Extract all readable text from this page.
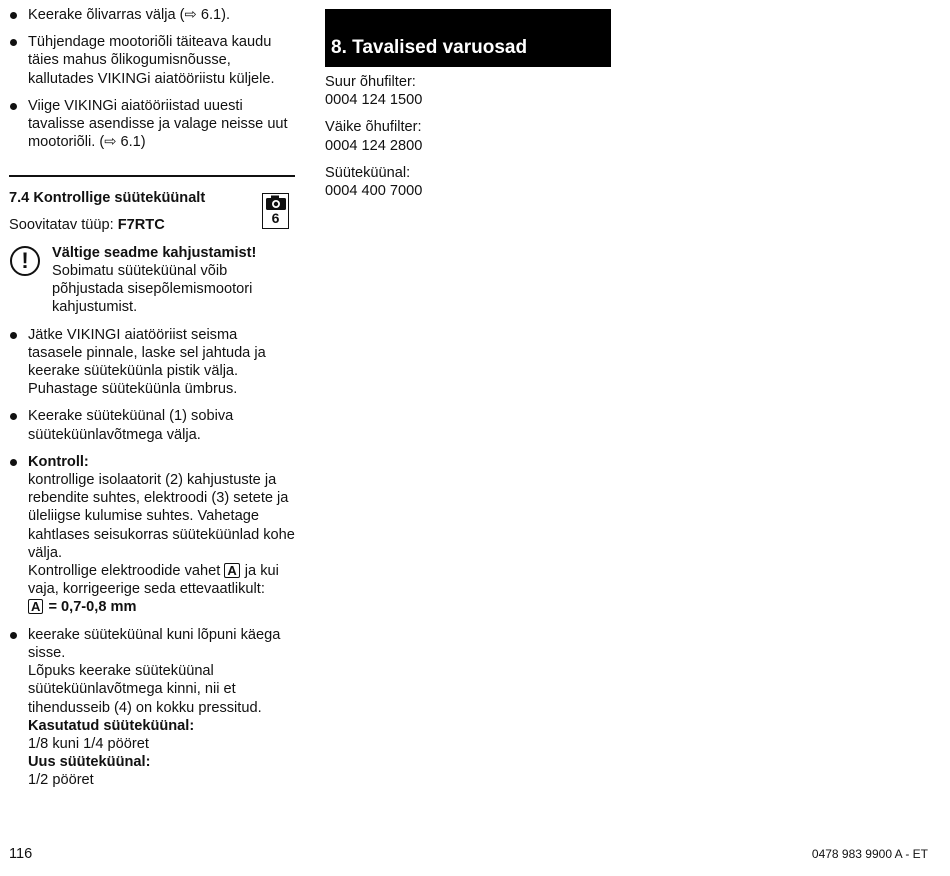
Keerake õlivarras välja (⇨ 6.1).
Tühjendage mootoriõli täiteava kaudu täies mahus õlikogumisnõusse, kallutades VIKINGi aiatööriistu küljele.
Viige VIKINGi aiatööriistad uuesti tavalisse asendisse ja valage neisse uut mootoriõli. (⇨ 6.1)
7.4 Kontrollige süüteküünalt
Soovitatav tüüp: F7RTC
!	Vältige seadme kahjustamist!
Sobimatu süüteküünal võib põhjustada sisepõlemismootori kahjustumist.
Jätke VIKINGI aiatööriist seisma tasasele pinnale, laske sel jahtuda ja keerake süüteküünla pistik välja. Puhastage süüteküünla ümbrus.
Keerake süüteküünal (1) sobiva süüteküünlavõtmega välja.
Kontroll:
kontrollige isolaatorit (2) kahjustuste ja rebendite suhtes, elektroodi (3) setete ja üleliigse kulumise suhtes. Vahetage kahtlases seisukorras süüteküünlad kohe välja.
Kontrollige elektroodide vahet A ja kui vaja, korrigeerige seda ettevaatlikult:
A = 0,7-0,8 mm
keerake süüteküünal kuni lõpuni käega sisse.
Lõpuks keerake süüteküünal süüteküünlavõtmega kinni, nii et tihendusseib (4) on kokku pressitud.
Kasutatud süüteküünal:
1/8 kuni 1/4 pööret
Uus süüteküünal:
1/2 pööret
6
8. Tavalised varuosad
Suur õhufilter:
0004 124 1500
Väike õhufilter:
0004 124 2800
Süüteküünal:
0004 400 7000
116	0478 983 9900 A - ET
